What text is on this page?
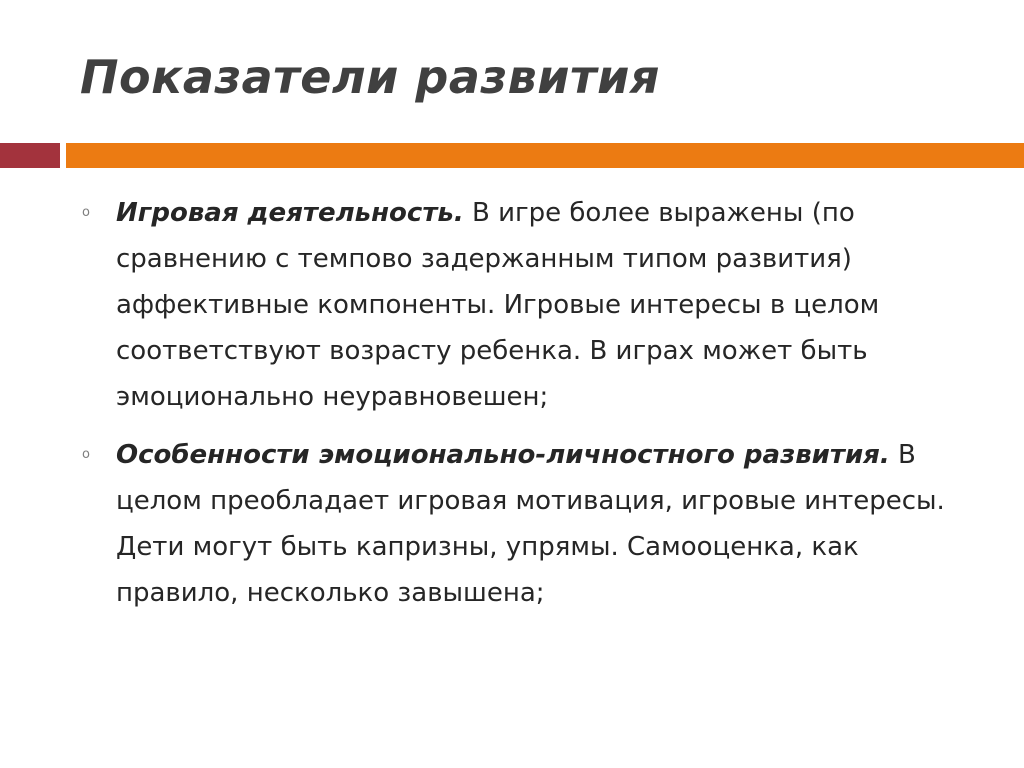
Показатели развития
o Игровая деятельность. В игре более выражены (по сравнению с темпово задержанным типом развития) аффективные компоненты. Игровые интересы в целом соответствуют возрасту ребенка. В играх может быть эмоционально неуравновешен;
o Особенности эмоционально-личностного развития. В целом преобладает игровая мотивация, игровые интересы. Дети могут быть капризны, упрямы. Самооценка, как правило, несколько завышена;
